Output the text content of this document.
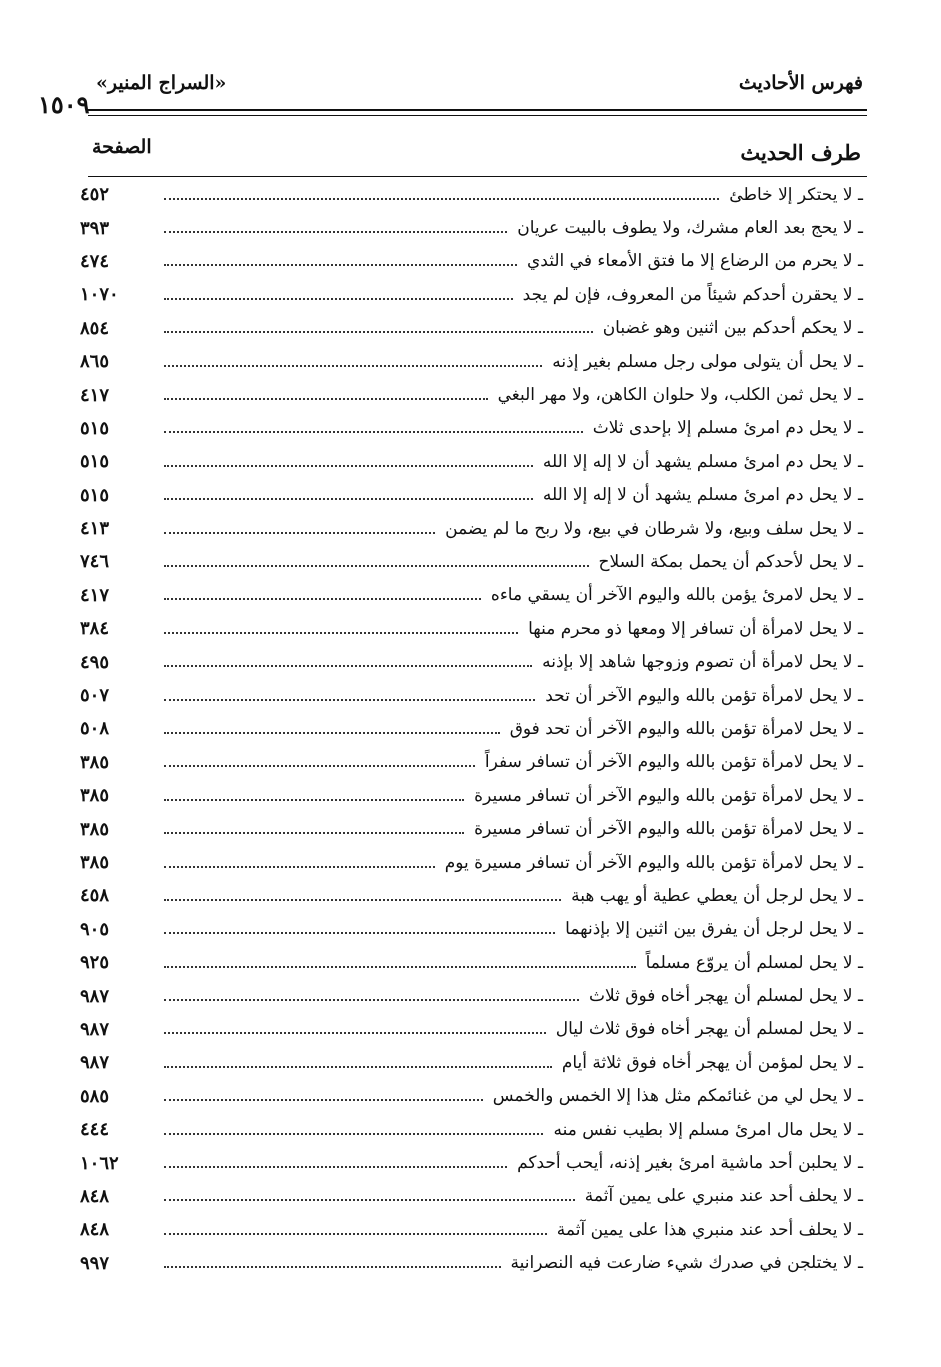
فهرس الأحاديث
«السراج المنير»
١٥٠٩
طرف الحديث
الصفحة
ـ لا يحتكر إلا خاطئ
٤٥٢
ـ لا يحج بعد العام مشرك، ولا يطوف بالبيت عريان
٣٩٣
ـ لا يحرم من الرضاع إلا ما فتق الأمعاء في الثدي
٤٧٤
ـ لا يحقرن أحدكم شيئاً من المعروف، فإن لم يجد
١٠٧٠
ـ لا يحكم أحدكم بين اثنين وهو غضبان
٨٥٤
ـ لا يحل أن يتولى مولى رجل مسلم بغير إذنه
٨٦٥
ـ لا يحل ثمن الكلب، ولا حلوان الكاهن، ولا مهر البغي
٤١٧
ـ لا يحل دم امرئ مسلم إلا بإحدى ثلاث
٥١٥
ـ لا يحل دم امرئ مسلم يشهد أن لا إله إلا الله
٥١٥
ـ لا يحل دم امرئ مسلم يشهد أن لا إله إلا الله
٥١٥
ـ لا يحل سلف وبيع، ولا شرطان في بيع، ولا ربح ما لم يضمن
٤١٣
ـ لا يحل لأحدكم أن يحمل بمكة السلاح
٧٤٦
ـ لا يحل لامرئ يؤمن بالله واليوم الآخر أن يسقي ماءه
٤١٧
ـ لا يحل لامرأة أن تسافر إلا ومعها ذو محرم منها
٣٨٤
ـ لا يحل لامرأة أن تصوم وزوجها شاهد إلا بإذنه
٤٩٥
ـ لا يحل لامرأة تؤمن بالله واليوم الآخر أن تحد
٥٠٧
ـ لا يحل لامرأة تؤمن بالله واليوم الآخر أن تحد فوق
٥٠٨
ـ لا يحل لامرأة تؤمن بالله واليوم الآخر أن تسافر سفراً
٣٨٥
ـ لا يحل لامرأة تؤمن بالله واليوم الآخر أن تسافر مسيرة
٣٨٥
ـ لا يحل لامرأة تؤمن بالله واليوم الآخر أن تسافر مسيرة
٣٨٥
ـ لا يحل لامرأة تؤمن بالله واليوم الآخر أن تسافر مسيرة يوم
٣٨٥
ـ لا يحل لرجل أن يعطي عطية أو يهب هبة
٤٥٨
ـ لا يحل لرجل أن يفرق بين اثنين إلا بإذنهما
٩٠٥
ـ لا يحل لمسلم أن يروّع مسلماً
٩٢٥
ـ لا يحل لمسلم أن يهجر أخاه فوق ثلاث
٩٨٧
ـ لا يحل لمسلم أن يهجر أخاه فوق ثلاث ليال
٩٨٧
ـ لا يحل لمؤمن أن يهجر أخاه فوق ثلاثة أيام
٩٨٧
ـ لا يحل لي من غنائمكم مثل هذا إلا الخمس والخمس
٥٨٥
ـ لا يحل مال امرئ مسلم إلا بطيب نفس منه
٤٤٤
ـ لا يحلبن أحد ماشية امرئ بغير إذنه، أيحب أحدكم
١٠٦٢
ـ لا يحلف أحد عند منبري على يمين آثمة
٨٤٨
ـ لا يحلف أحد عند منبري هذا على يمين آثمة
٨٤٨
ـ لا يختلجن في صدرك شيء ضارعت فيه النصرانية
٩٩٧
